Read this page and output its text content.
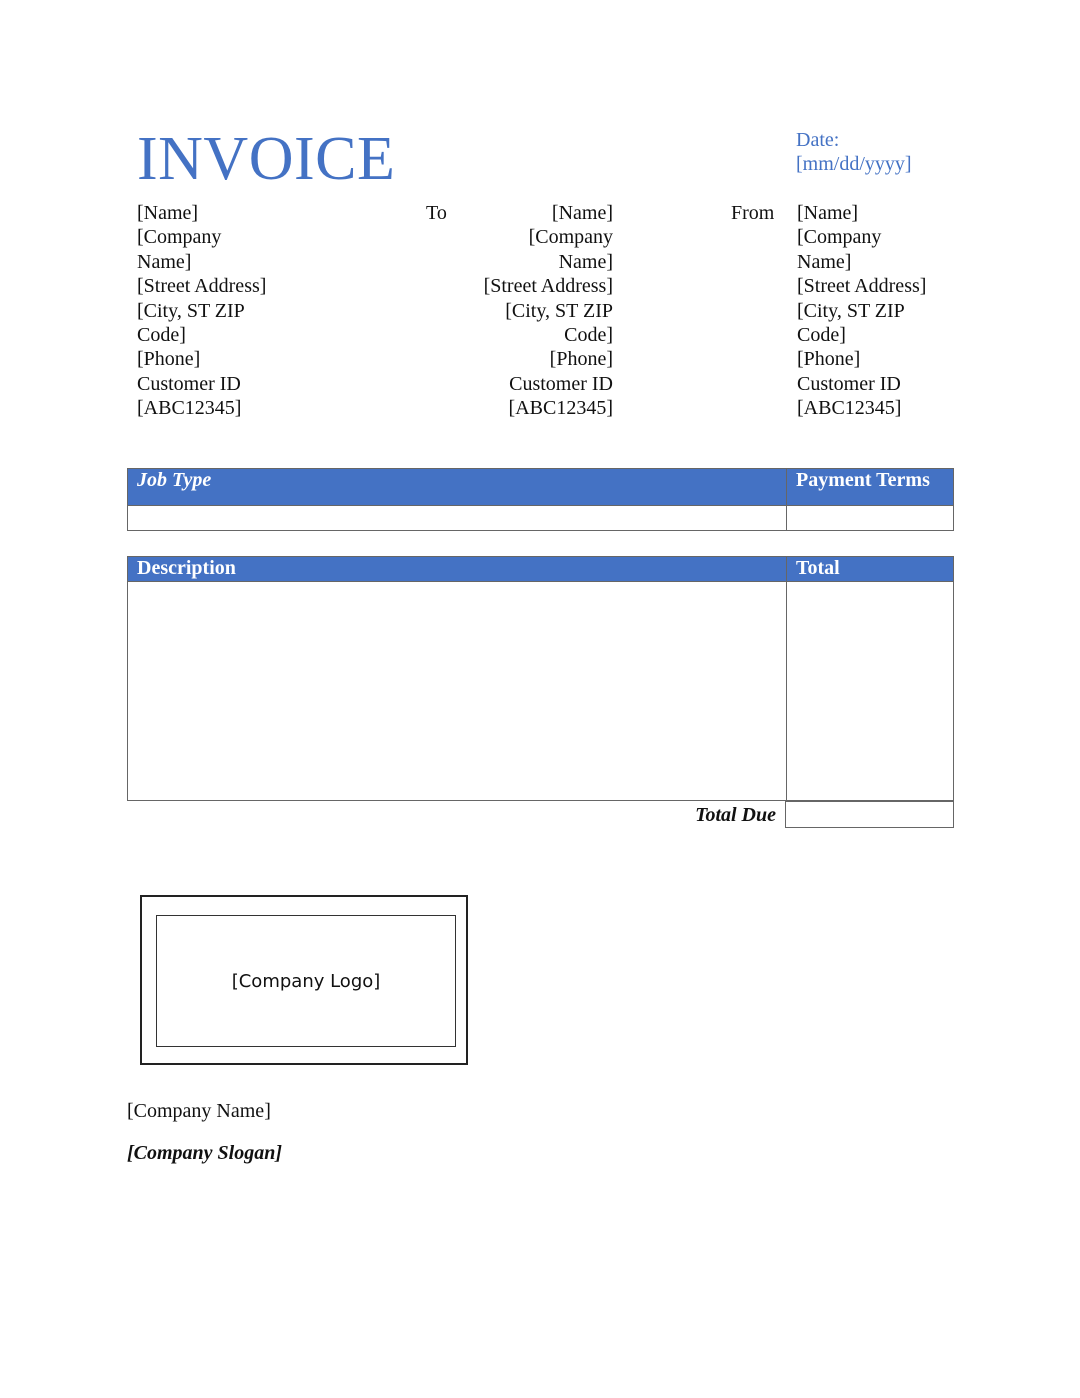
INVOICE	Date:
[mm/dd/yyyy]
[Name]
[Company
Name]
[Street Address]
[City, ST ZIP
Code]
[Phone]
Customer ID
[ABC12345]
To	[Name]
[Company
Name]
[Street Address]
[City, ST ZIP
Code]
[Phone]
Customer ID
[ABC12345]
From [Name]
[Company
Name]
[Street Address]
[City, ST ZIP
Code]
[Phone]
Customer ID
[ABC12345]
Job Type	Payment Terms

Description	Total

Total Due
[Company Logo]
[Company Name]
[Company Slogan]
